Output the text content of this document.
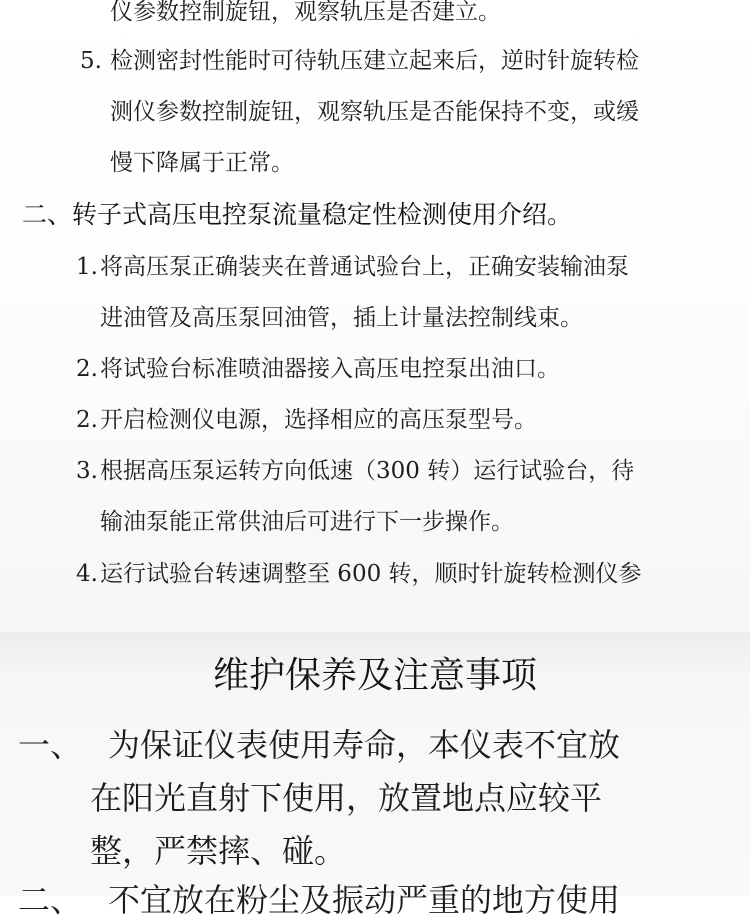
仪参数控制旋钮，观察轨压是否建立。
5. 检测密封性能时可待轨压建立起来后，逆时针旋转检
测仪参数控制旋钮，观察轨压是否能保持不变，或缓
慢下降属于正常。
二、转子式高压电控泵流量稳定性检测使用介绍。
1.将高压泵正确装夹在普通试验台上，正确安装输油泵
进油管及高压泵回油管，插上计量法控制线束。
2.将试验台标准喷油器接入高压电控泵出油口。
2.开启检测仪电源，选择相应的高压泵型号。
3.根据高压泵运转方向低速（300 转）运行试验台，待
输油泵能正常供油后可进行下一步操作。
4.运行试验台转速调整至 600 转，顺时针旋转检测仪参
维护保养及注意事项
一、 为保证仪表使用寿命，本仪表不宜放
在阳光直射下使用，放置地点应较平
整，严禁摔、碰。
二、 不宜放在粉尘及振动严重的地方使用
